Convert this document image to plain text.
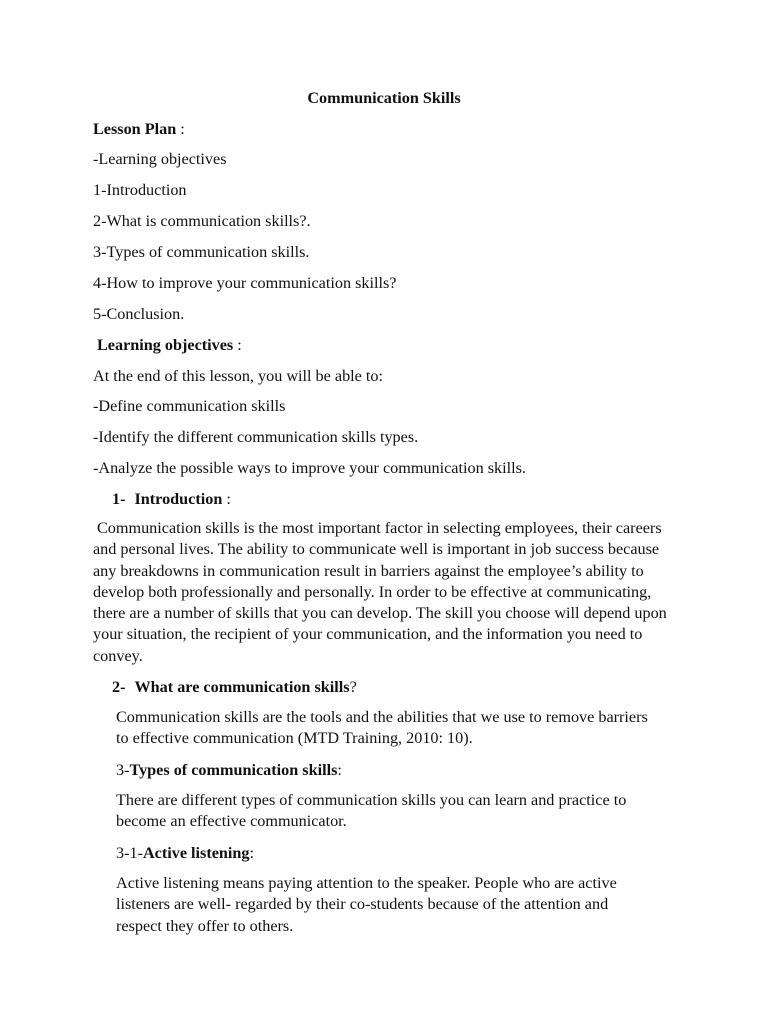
Communication Skills
Lesson Plan :
-Learning objectives
1-Introduction
2-What is communication skills?.
3-Types of communication skills.
4-How to improve your communication skills?
5-Conclusion.
Learning objectives :
At the end of this lesson, you will be able to:
-Define communication skills
-Identify the different communication skills types.
-Analyze the possible ways to improve your communication skills.
1- Introduction :
Communication skills is the most important factor in selecting employees, their careers and personal lives. The ability to communicate well is important in job success because any breakdowns in communication result in barriers against the employee’s ability to develop both professionally and personally. In order to be effective at communicating, there are a number of skills that you can develop. The skill you choose will depend upon your situation, the recipient of your communication, and the information you need to convey.
2- What are communication skills?
Communication skills are the tools and the abilities that we use to remove barriers to effective communication (MTD Training, 2010: 10).
3-Types of communication skills:
There are different types of communication skills you can learn and practice to become an effective communicator.
3-1-Active listening:
Active listening means paying attention to the speaker. People who are active listeners are well- regarded by their co-students because of the attention and respect they offer to others.
